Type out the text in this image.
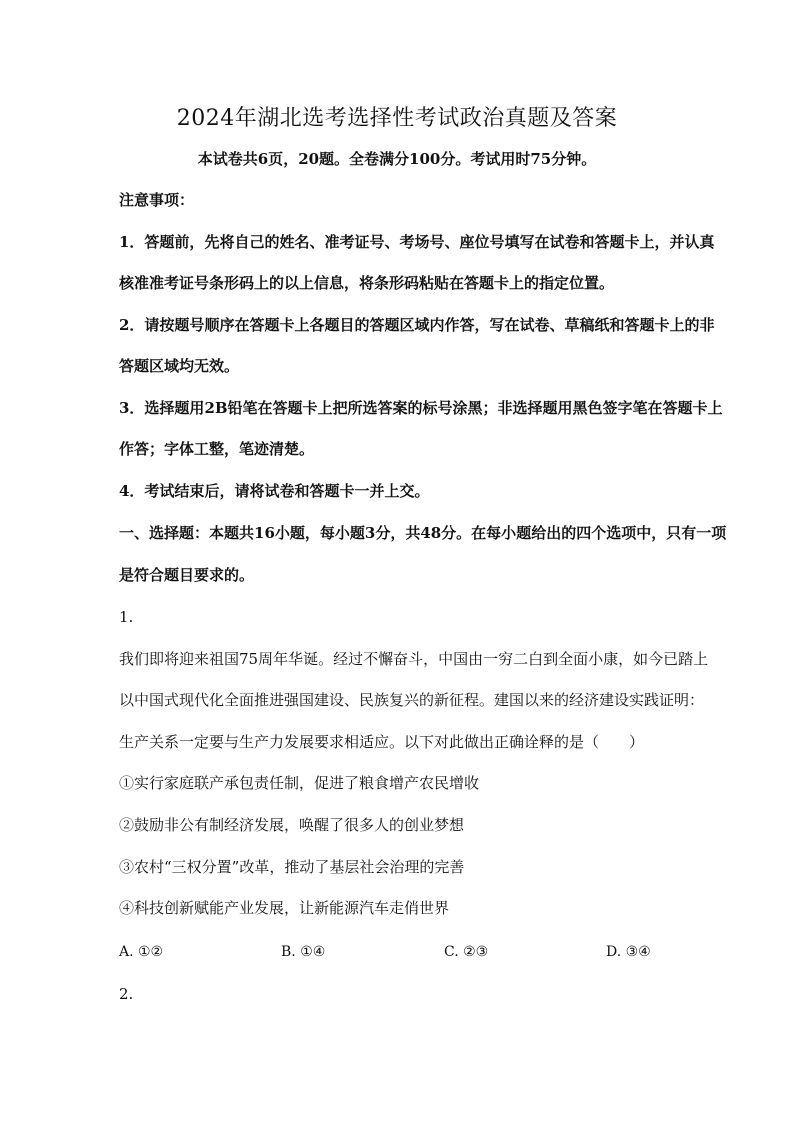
2024年湖北选考选择性考试政治真题及答案
本试卷共6页，20题。全卷满分100分。考试用时75分钟。
注意事项：
1．答题前，先将自己的姓名、准考证号、考场号、座位号填写在试卷和答题卡上，并认真
核准准考证号条形码上的以上信息，将条形码粘贴在答题卡上的指定位置。
2．请按题号顺序在答题卡上各题目的答题区域内作答，写在试卷、草稿纸和答题卡上的非
答题区域均无效。
3．选择题用2B铅笔在答题卡上把所选答案的标号涂黑；非选择题用黑色签字笔在答题卡上
作答；字体工整，笔迹清楚。
4．考试结束后，请将试卷和答题卡一并上交。
一、选择题：本题共16小题，每小题3分，共48分。在每小题给出的四个选项中，只有一项
是符合题目要求的。
1.
我们即将迎来祖国75周年华诞。经过不懈奋斗，中国由一穷二白到全面小康，如今已踏上
以中国式现代化全面推进强国建设、民族复兴的新征程。建国以来的经济建设实践证明：
生产关系一定要与生产力发展要求相适应。以下对此做出正确诠释的是（　　）
①实行家庭联产承包责任制，促进了粮食增产农民增收
②鼓励非公有制经济发展，唤醒了很多人的创业梦想
③农村“三权分置”改革，推动了基层社会治理的完善
④科技创新赋能产业发展，让新能源汽车走俏世界
A. ①②	B. ①④	C. ②③	D. ③④
2.
